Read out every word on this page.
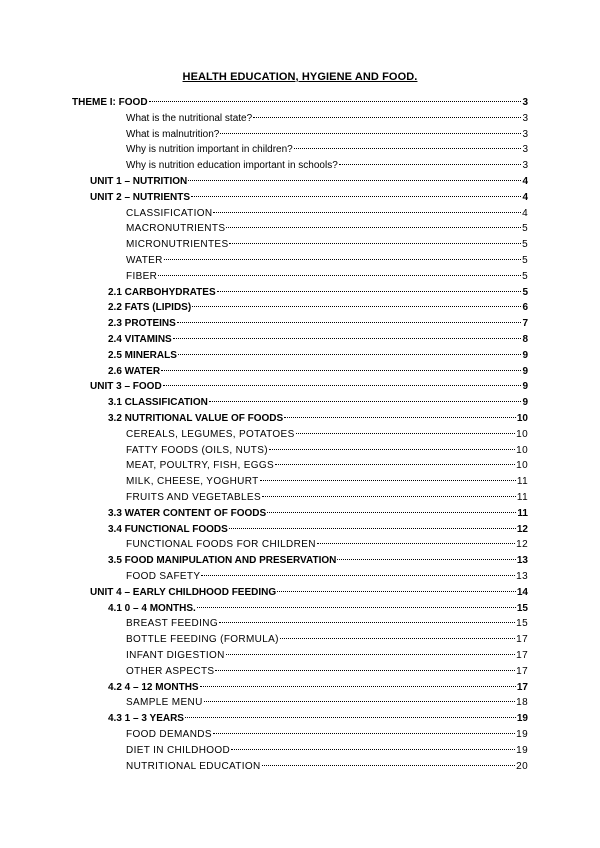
HEALTH EDUCATION, HYGIENE AND FOOD.
THEME I: FOOD	3
What is the nutritional state?	3
What is malnutrition?	3
Why is nutrition important in children?	3
Why is nutrition education important in schools?	3
UNIT 1 – NUTRITION	4
UNIT 2 – NUTRIENTS	4
CLASSIFICATION	4
MACRONUTRIENTS	5
MICRONUTRIENTES	5
WATER	5
FIBER	5
2.1 CARBOHYDRATES	5
2.2 FATS (LIPIDS)	6
2.3 PROTEINS	7
2.4 VITAMINS	8
2.5 MINERALS	9
2.6 WATER	9
UNIT 3 – FOOD	9
3.1 CLASSIFICATION	9
3.2 NUTRITIONAL VALUE OF FOODS	10
CEREALS, LEGUMES, POTATOES	10
FATTY FOODS (OILS, NUTS)	10
MEAT, POULTRY, FISH, EGGS	10
MILK, CHEESE, YOGHURT	11
FRUITS AND VEGETABLES	11
3.3 WATER CONTENT OF FOODS	11
3.4 FUNCTIONAL FOODS	12
FUNCTIONAL FOODS FOR CHILDREN	12
3.5 FOOD MANIPULATION AND PRESERVATION	13
FOOD SAFETY	13
UNIT 4 – EARLY CHILDHOOD FEEDING	14
4.1 0 – 4 MONTHS.	15
BREAST FEEDING	15
BOTTLE FEEDING (FORMULA)	17
INFANT DIGESTION	17
OTHER ASPECTS	17
4.2 4 – 12 MONTHS	17
SAMPLE MENU	18
4.3 1 – 3 YEARS	19
FOOD DEMANDS	19
DIET IN CHILDHOOD	19
NUTRITIONAL EDUCATION	20
